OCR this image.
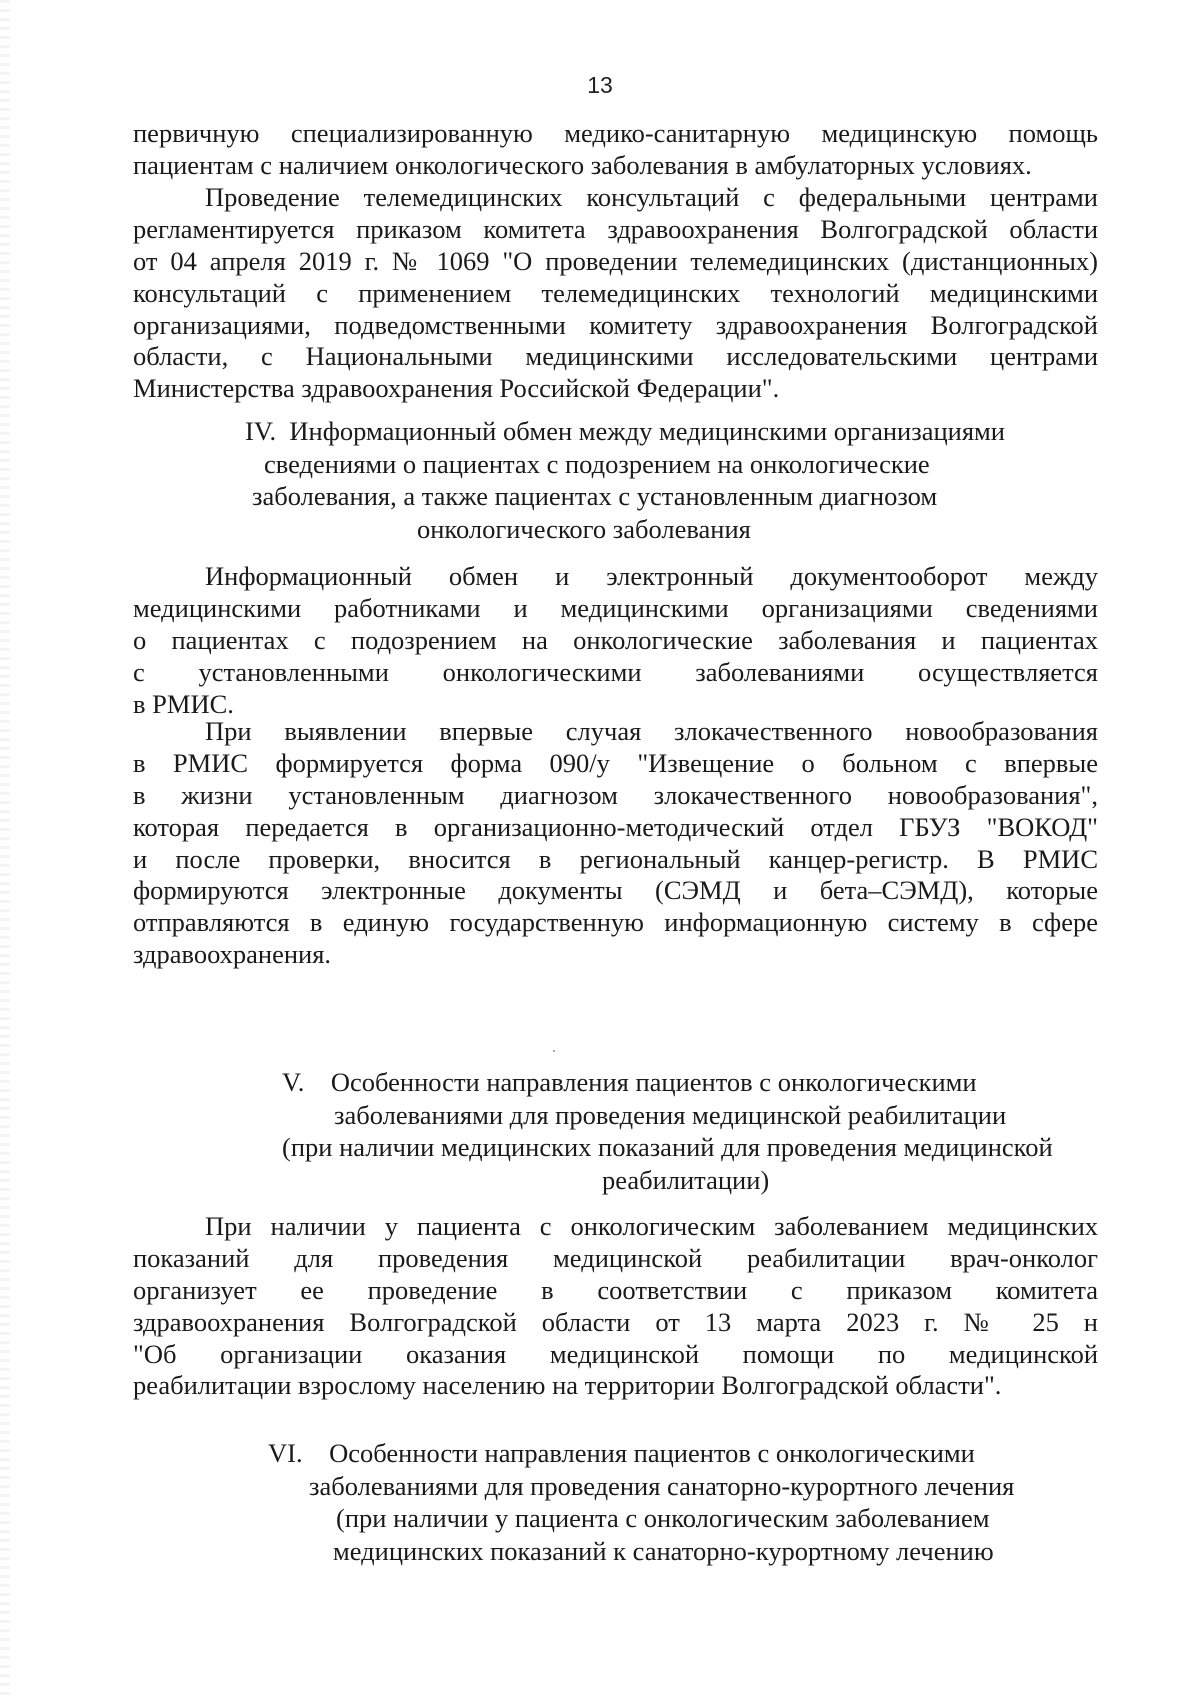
13
первичную специализированную медико-санитарную медицинскую помощь
пациентам с наличием онкологического заболевания в амбулаторных условиях.
Проведение телемедицинских консультаций с федеральными центрами
регламентируется приказом комитета здравоохранения Волгоградской области
от 04 апреля 2019 г. № 1069 "О проведении телемедицинских (дистанционных)
консультаций с применением телемедицинских технологий медицинскими
организациями, подведомственными комитету здравоохранения Волгоградской
области, с Национальными медицинскими исследовательскими центрами
Министерства здравоохранения Российской Федерации".
IV. Информационный обмен между медицинскими организациями
сведениями о пациентах с подозрением на онкологические
заболевания, а также пациентах с установленным диагнозом
онкологического заболевания
Информационный обмен и электронный документооборот между
медицинскими работниками и медицинскими организациями сведениями
о пациентах с подозрением на онкологические заболевания и пациентах
с установленными онкологическими заболеваниями осуществляется
в РМИС.
При выявлении впервые случая злокачественного новообразования
в РМИС формируется форма 090/у "Извещение о больном с впервые
в жизни установленным диагнозом злокачественного новообразования",
которая передается в организационно-методический отдел ГБУЗ "ВОКОД"
и после проверки, вносится в региональный канцер-регистр. В РМИС
формируются электронные документы (СЭМД и бета–СЭМД), которые
отправляются в единую государственную информационную систему в сфере
здравоохранения.
V. Особенности направления пациентов с онкологическими
заболеваниями для проведения медицинской реабилитации
(при наличии медицинских показаний для проведения медицинской
реабилитации)
При наличии у пациента с онкологическим заболеванием медицинских
показаний для проведения медицинской реабилитации врач-онколог
организует ее проведение в соответствии с приказом комитета
здравоохранения Волгоградской области от 13 марта 2023 г. № 25 н
"Об организации оказания медицинской помощи по медицинской
реабилитации взрослому населению на территории Волгоградской области".
VI. Особенности направления пациентов с онкологическими
заболеваниями для проведения санаторно-курортного лечения
(при наличии у пациента с онкологическим заболеванием
медицинских показаний к санаторно-курортному лечению
